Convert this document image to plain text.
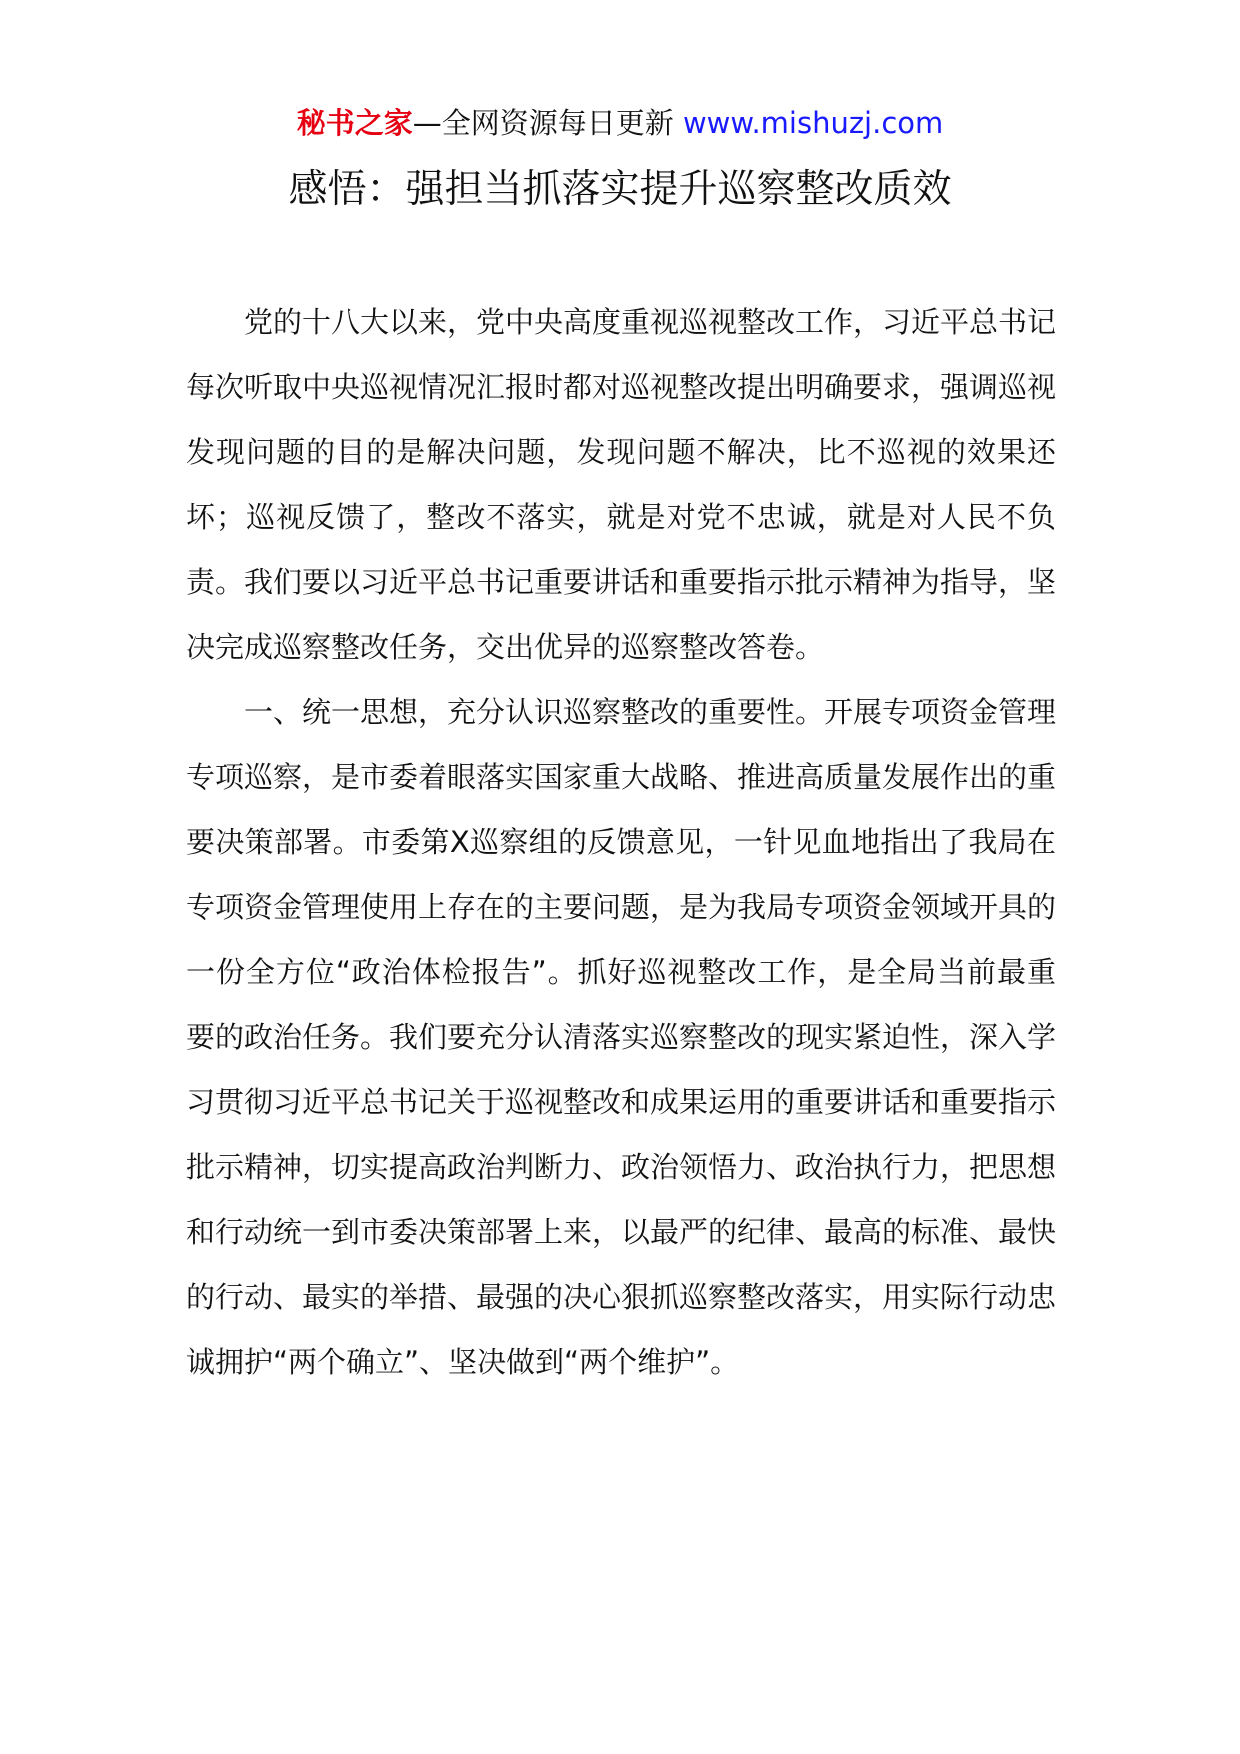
秘书之家—全网资源每日更新 www.mishuzj.com
感悟：强担当抓落实提升巡察整改质效

党的十八大以来，党中央高度重视巡视整改工作，习近平总书记每次听取中央巡视情况汇报时都对巡视整改提出明确要求，强调巡视发现问题的目的是解决问题，发现问题不解决，比不巡视的效果还坏；巡视反馈了，整改不落实，就是对党不忠诚，就是对人民不负责。我们要以习近平总书记重要讲话和重要指示批示精神为指导，坚决完成巡察整改任务，交出优异的巡察整改答卷。

一、统一思想，充分认识巡察整改的重要性。开展专项资金管理专项巡察，是市委着眼落实国家重大战略、推进高质量发展作出的重要决策部署。市委第X巡察组的反馈意见，一针见血地指出了我局在专项资金管理使用上存在的主要问题，是为我局专项资金领域开具的一份全方位“政治体检报告”。抓好巡视整改工作，是全局当前最重要的政治任务。我们要充分认清落实巡察整改的现实紧迫性，深入学习贯彻习近平总书记关于巡视整改和成果运用的重要讲话和重要指示批示精神，切实提高政治判断力、政治领悟力、政治执行力，把思想和行动统一到市委决策部署上来，以最严的纪律、最高的标准、最快的行动、最实的举措、最强的决心狠抓巡察整改落实，用实际行动忠诚拥护“两个确立”、坚决做到“两个维护”。
